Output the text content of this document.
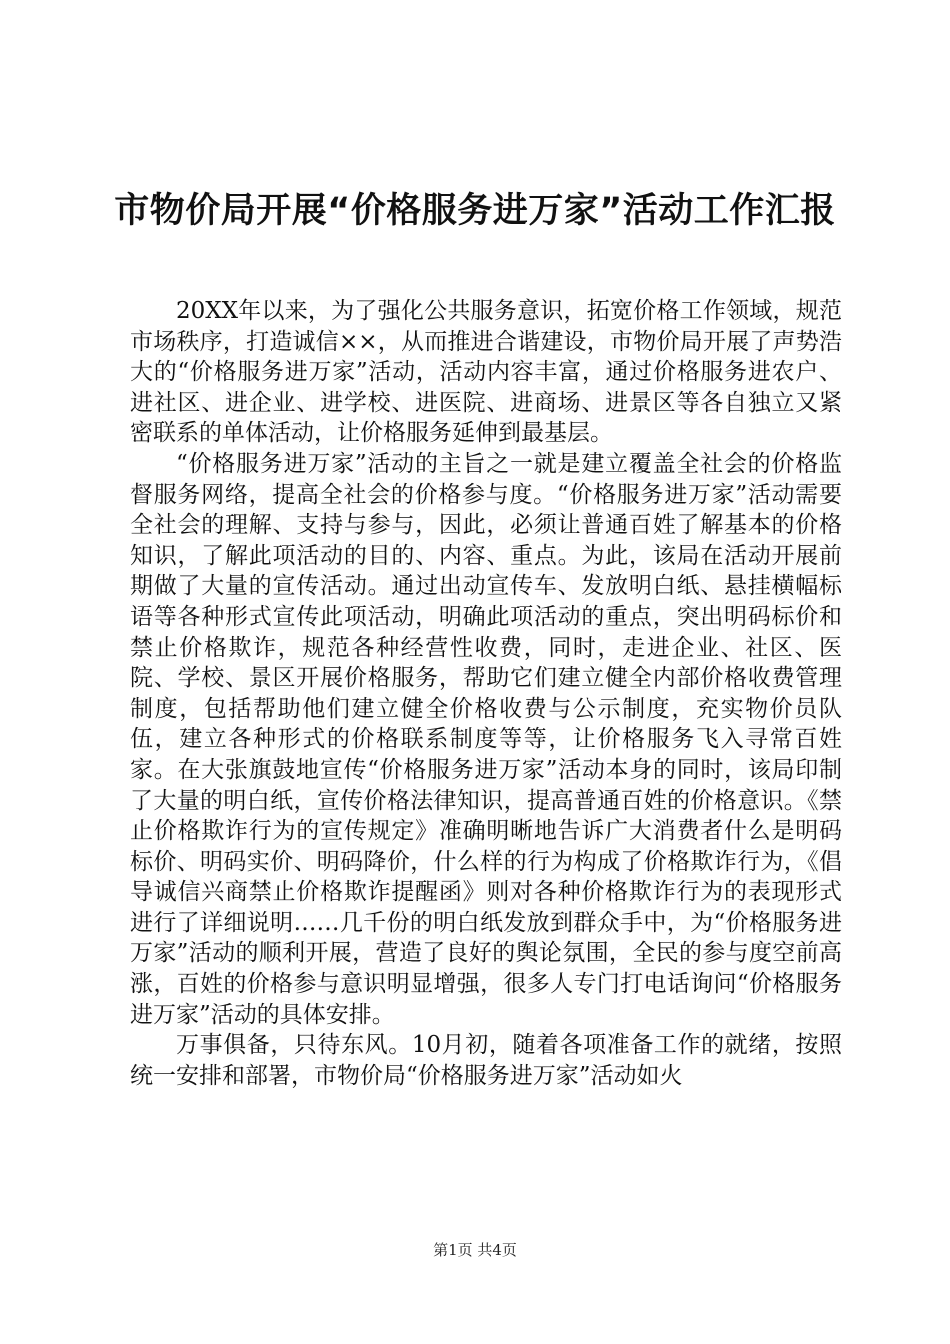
市物价局开展“价格服务进万家”活动工作汇报

20XX年以来，为了强化公共服务意识，拓宽价格工作领域，规范市场秩序，打造诚信××，从而推进合谐建设，市物价局开展了声势浩大的“价格服务进万家”活动，活动内容丰富，通过价格服务进农户、进社区、进企业、进学校、进医院、进商场、进景区等各自独立又紧密联系的单体活动，让价格服务延伸到最基层。

“价格服务进万家”活动的主旨之一就是建立覆盖全社会的价格监督服务网络，提高全社会的价格参与度。“价格服务进万家”活动需要全社会的理解、支持与参与，因此，必须让普通百姓了解基本的价格知识，了解此项活动的目的、内容、重点。为此，该局在活动开展前期做了大量的宣传活动。通过出动宣传车、发放明白纸、悬挂横幅标语等各种形式宣传此项活动，明确此项活动的重点，突出明码标价和禁止价格欺诈，规范各种经营性收费，同时，走进企业、社区、医院、学校、景区开展价格服务，帮助它们建立健全内部价格收费管理制度，包括帮助他们建立健全价格收费与公示制度，充实物价员队伍，建立各种形式的价格联系制度等等，让价格服务飞入寻常百姓家。在大张旗鼓地宣传“价格服务进万家”活动本身的同时，该局印制了大量的明白纸，宣传价格法律知识，提高普通百姓的价格意识。《禁止价格欺诈行为的宣传规定》准确明晰地告诉广大消费者什么是明码标价、明码实价、明码降价，什么样的行为构成了价格欺诈行为，《倡导诚信兴商禁止价格欺诈提醒函》则对各种价格欺诈行为的表现形式进行了详细说明……几千份的明白纸发放到群众手中，为“价格服务进万家”活动的顺利开展，营造了良好的舆论氛围，全民的参与度空前高涨，百姓的价格参与意识明显增强，很多人专门打电话询问“价格服务进万家”活动的具体安排。

万事俱备，只待东风。10月初，随着各项准备工作的就绪，按照统一安排和部署，市物价局“价格服务进万家”活动如火

第1页 共4页
